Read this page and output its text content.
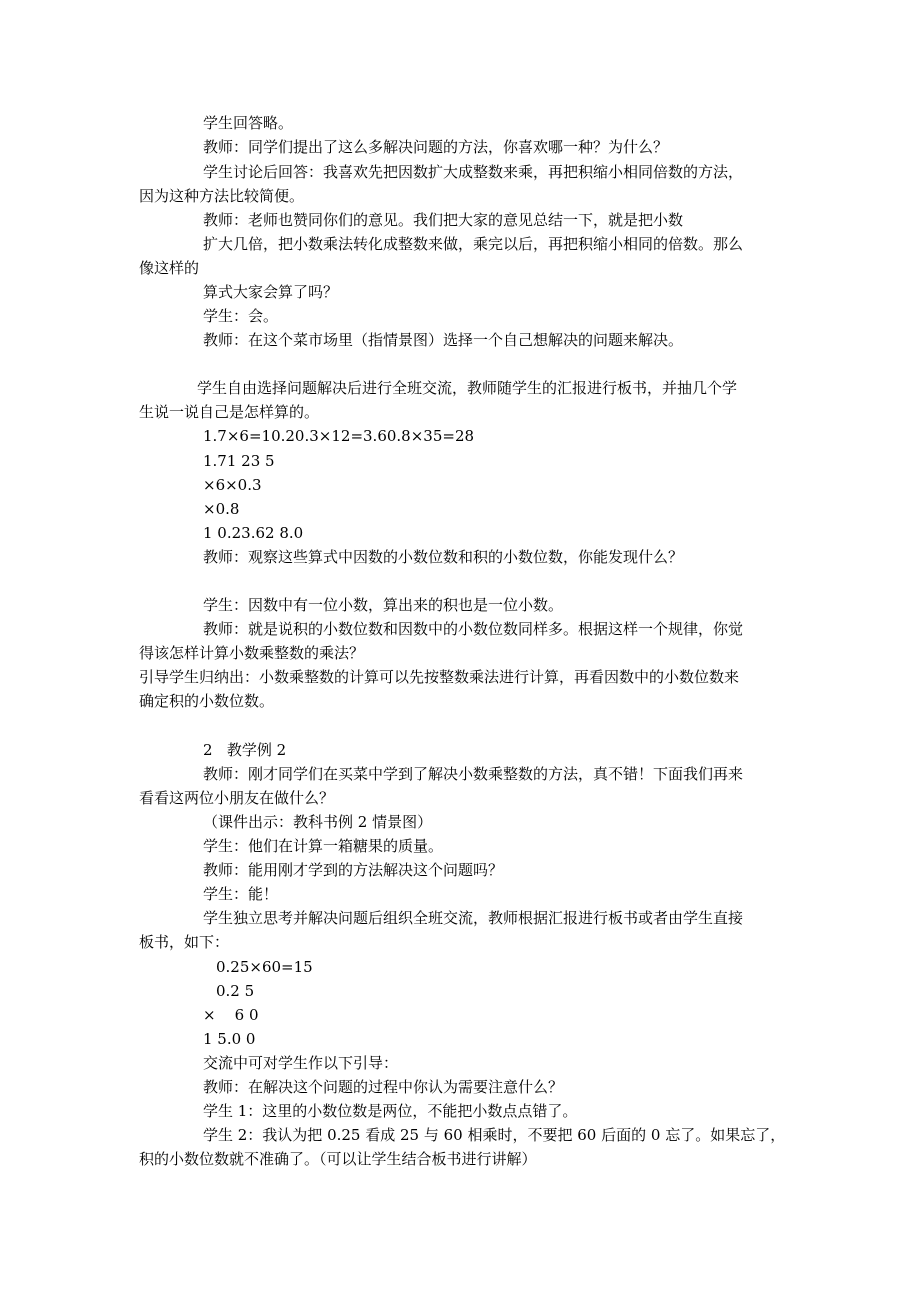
学生回答略。

教师：同学们提出了这么多解决问题的方法，你喜欢哪一种？为什么？

学生讨论后回答：我喜欢先把因数扩大成整数来乘，再把积缩小相同倍数的方法，

因为这种方法比较简便。

教师：老师也赞同你们的意见。我们把大家的意见总结一下，就是把小数

扩大几倍，把小数乘法转化成整数来做，乘完以后，再把积缩小相同的倍数。那么

像这样的

算式大家会算了吗？

学生：会。

教师：在这个菜市场里（指情景图）选择一个自己想解决的问题来解决。

学生自由选择问题解决后进行全班交流，教师随学生的汇报进行板书，并抽几个学

生说一说自己是怎样算的。

1.7×6=10.20.3×12=3.60.8×35=28

1.71 23 5

×6×0.3

×0.8

1 0.23.62 8.0

教师：观察这些算式中因数的小数位数和积的小数位数，你能发现什么？

学生：因数中有一位小数，算出来的积也是一位小数。

教师：就是说积的小数位数和因数中的小数位数同样多。根据这样一个规律，你觉

得该怎样计算小数乘整数的乘法？

引导学生归纳出：小数乘整数的计算可以先按整数乘法进行计算，再看因数中的小数位数来

确定积的小数位数。

2   教学例 2

教师：刚才同学们在买菜中学到了解决小数乘整数的方法，真不错！下面我们再来

看看这两位小朋友在做什么？

（课件出示：教科书例 2 情景图）

学生：他们在计算一箱糖果的质量。

教师：能用刚才学到的方法解决这个问题吗？

学生：能！

学生独立思考并解决问题后组织全班交流，教师根据汇报进行板书或者由学生直接

板书，如下：

0.25×60=15

0.2 5

×    6 0

1 5.0 0

交流中可对学生作以下引导：

教师：在解决这个问题的过程中你认为需要注意什么？

学生 1：这里的小数位数是两位，不能把小数点点错了。

学生 2：我认为把 0.25 看成 25 与 60 相乘时，不要把 60 后面的 0 忘了。如果忘了，

积的小数位数就不准确了。（可以让学生结合板书进行讲解）
